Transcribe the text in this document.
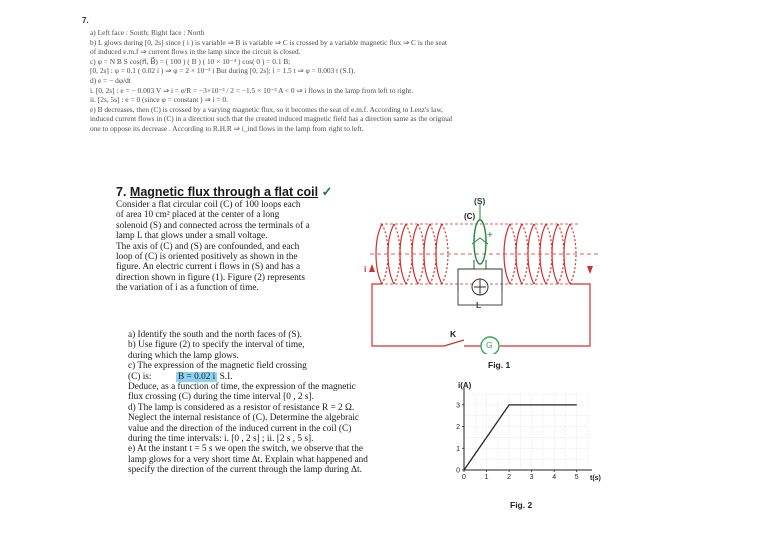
7.
a) Left face : South; Right face : North
b) L glows during [0, 2s] since ( i ) is variable ⇒ B is variable ⇒ C is crossed by a variable magnetic flux ⇒ C is the seat
of induced e.m.f ⇒ current flows in the lamp since the circuit is closed.
c) φ = N B S cos(n⃗, B⃗) = ( 100 ) ( B ) ( 10 × 10⁻⁴ ) cos( 0 ) = 0.1 B;
[0, 2s] : φ = 0.1 ( 0.02 i ) ⇒ φ = 2 × 10⁻³ i But during [0, 2s]: i = 1.5 t ⇒ φ = 0.003 t (S.I).
d) e = − dφ/dt
i. [0, 2s] : e = − 0.003 V ⇒ i = e/R = −3×10⁻³ / 2 = −1.5 × 10⁻³ A < 0 ⇒ i flows in the lamp from left to right.
ii. [2s, 5s] : e = 0 (since φ = constant ) ⇒ i = 0.
e) B decreases, then (C) is crossed by a varying magnetic flux, so it becomes the seat of e.m.f. According to Lenz's law,
induced current flows in (C) in a direction such that the created induced magnetic field has a direction same as the original
one to oppose its decrease . According to R.H.R ⇒ i_ind flows in the lamp from right to left.
7. Magnetic flux through a flat coil ✓
Consider a flat circular coil (C) of 100 loops each
of area 10 cm² placed at the center of a long
solenoid (S) and connected across the terminals of a
lamp L that glows under a small voltage.
The axis of (C) and (S) are confounded, and each
loop of (C) is oriented positively as shown in the
figure. An electric current i flows in (S) and has a
direction shown in figure (1). Figure (2) represents
the variation of i as a function of time.
a) Identify the south and the north faces of (S).
b) Use figure (2) to specify the interval of time,
during which the lamp glows.
c) The expression of the magnetic field crossing
(C) is:
Deduce, as a function of time, the expression of the magnetic
flux crossing (C) during the time interval [0 , 2 s].
d) The lamp is considered as a resistor of resistance R = 2 Ω.
Neglect the internal resistance of (C). Determine the algebraic
value and the direction of the induced current in the coil (C)
during the time intervals: i. [0 , 2 s] ; ii. [2 s , 5 s].
e) At the instant t = 5 s we open the switch, we observe that the
lamp glows for a very short time Δt. Explain what happened and
specify the direction of the current through the lamp during Δt.
B = 0.02 i S.I.
+
(S)
(C)
L
K
G
i
Fig. 1
0	1	2	3	4	5
0
1
2
3
i(A)
t(s)
Fig. 2
